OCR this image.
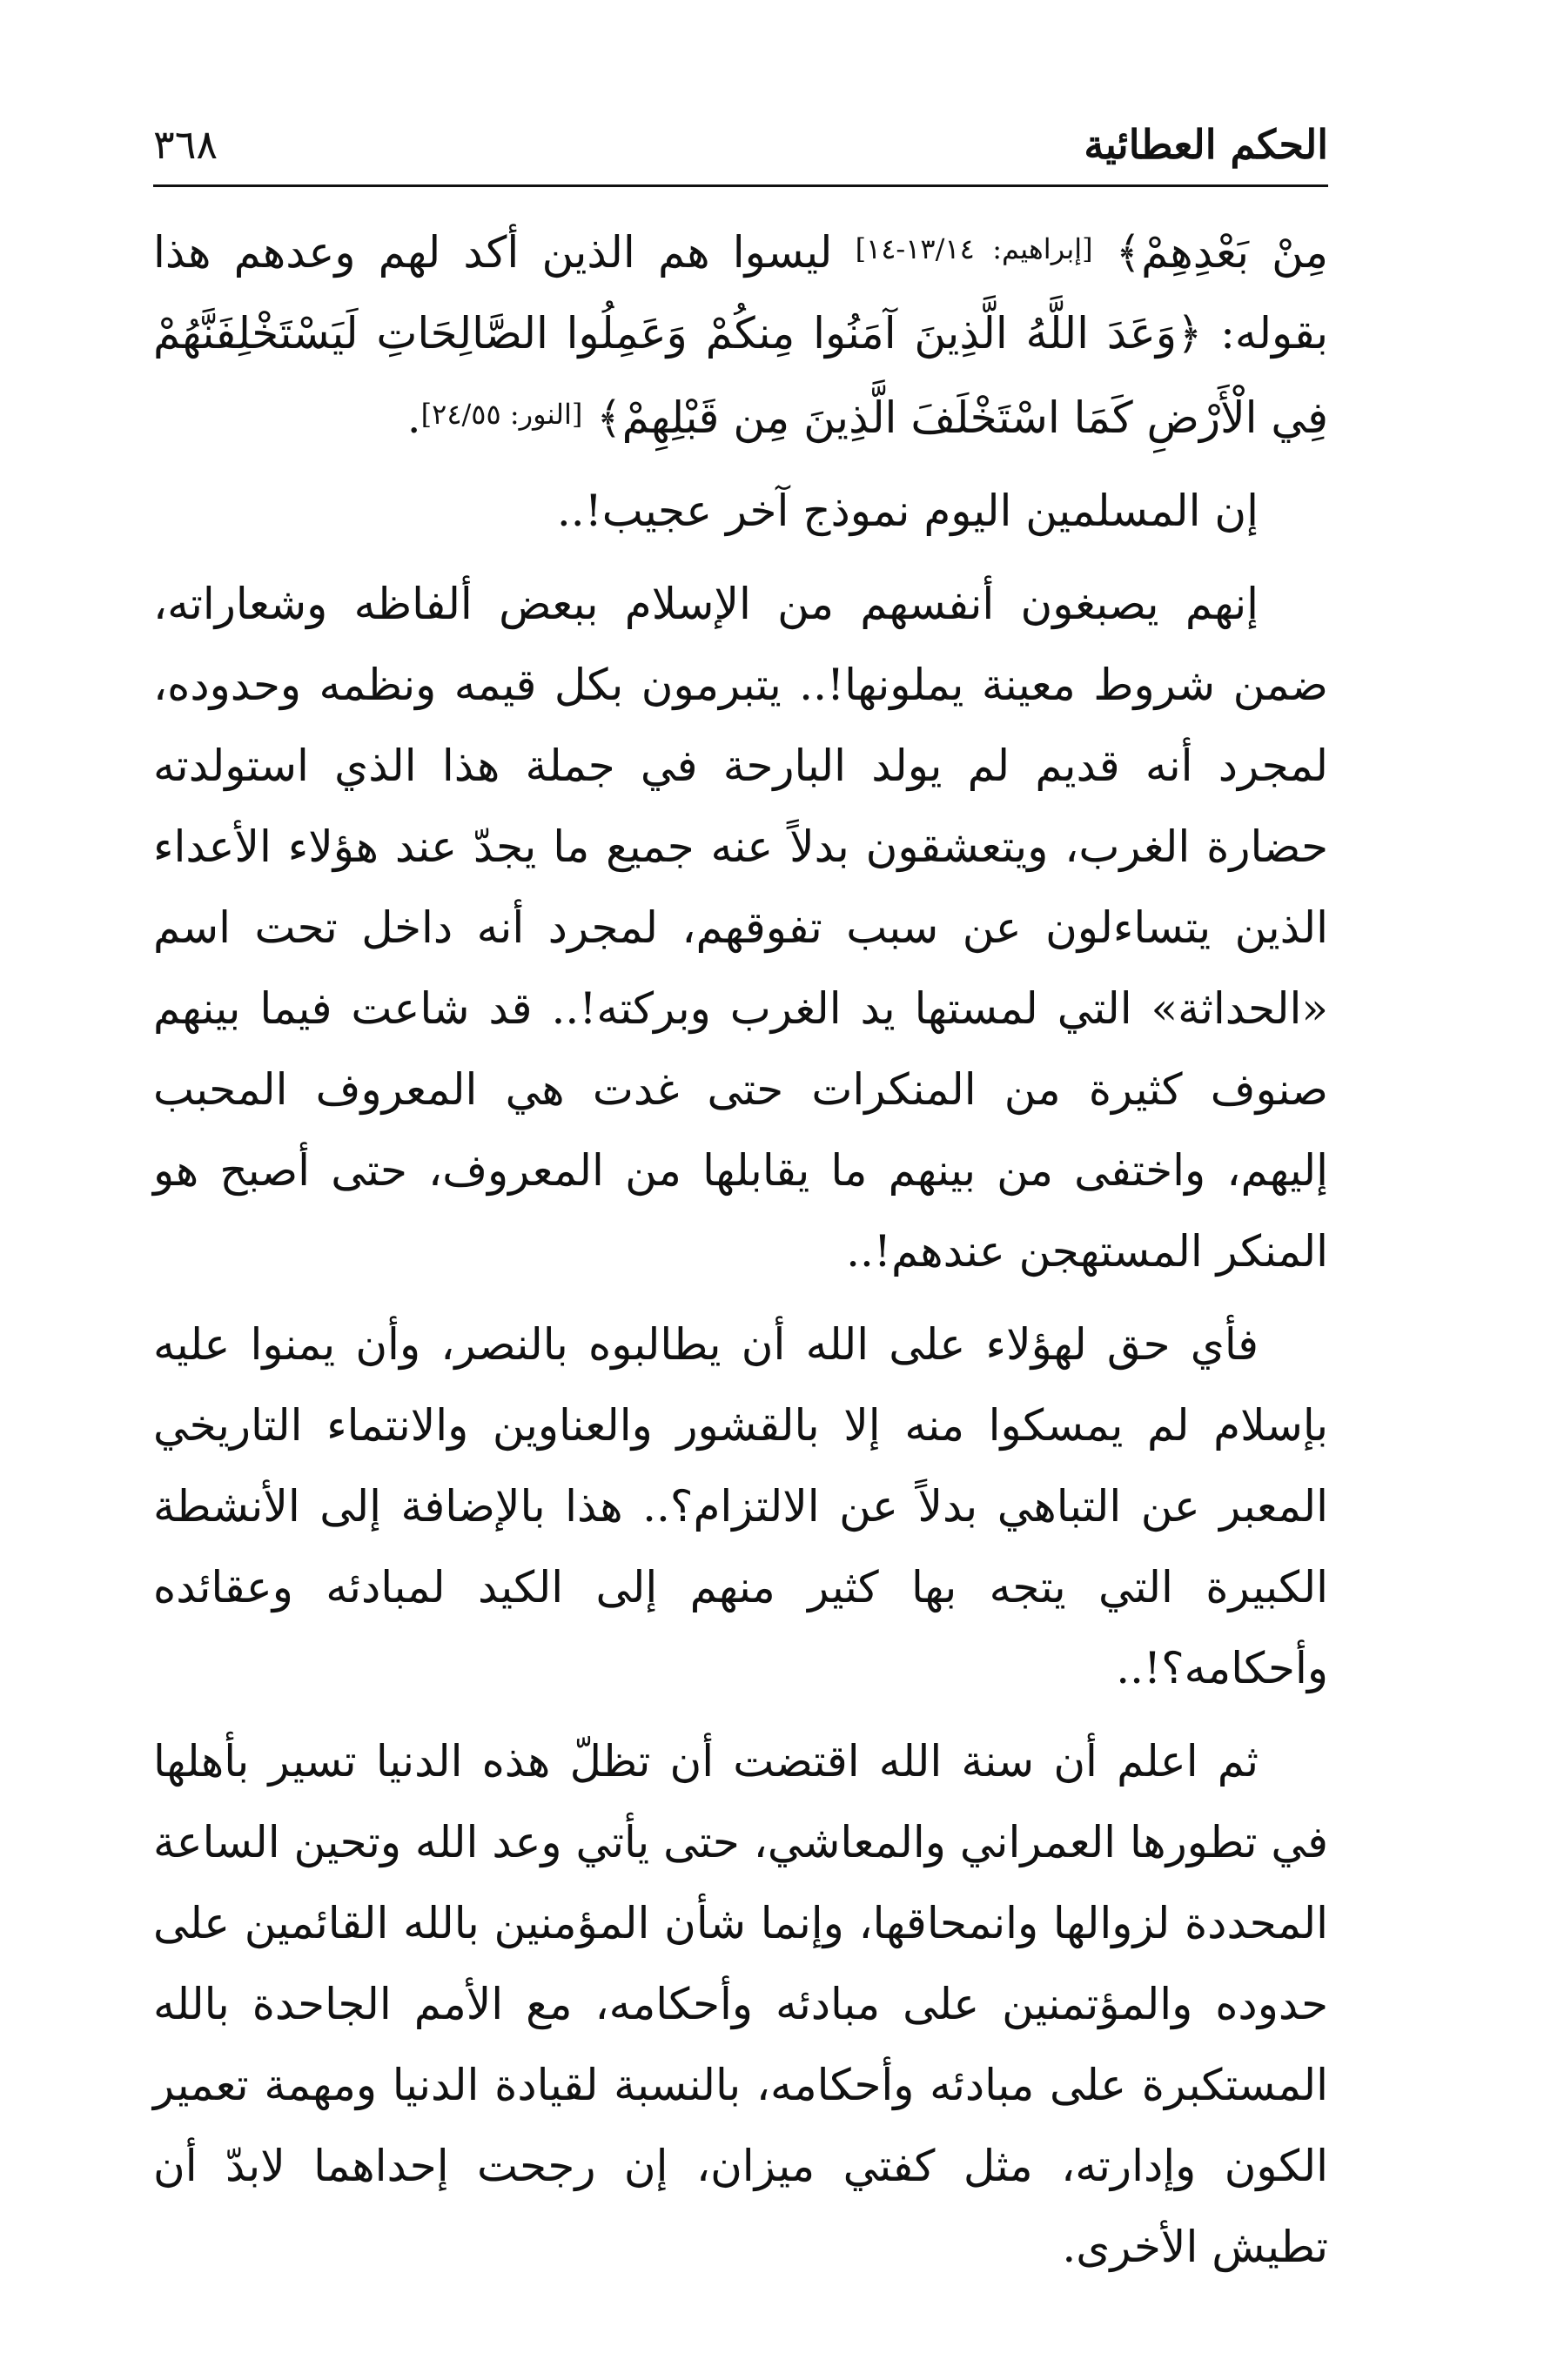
الحكم العطائية
٣٦٨

مِنْ بَعْدِهِمْ﴾ [إبراهيم: ١٣/١٤-١٤] ليسوا هم الذين أكد لهم وعدهم هذا بقوله: ﴿وَعَدَ اللَّهُ الَّذِينَ آمَنُوا مِنكُمْ وَعَمِلُوا الصَّالِحَاتِ لَيَسْتَخْلِفَنَّهُمْ فِي الْأَرْضِ كَمَا اسْتَخْلَفَ الَّذِينَ مِن قَبْلِهِمْ﴾ [النور: ٢٤/٥٥].

إن المسلمين اليوم نموذج آخر عجيب!..

إنهم يصبغون أنفسهم من الإسلام ببعض ألفاظه وشعاراته، ضمن شروط معينة يملونها!.. يتبرمون بكل قيمه ونظمه وحدوده، لمجرد أنه قديم لم يولد البارحة في جملة هذا الذي استولدته حضارة الغرب، ويتعشقون بدلاً عنه جميع ما يجدّ عند هؤلاء الأعداء الذين يتساءلون عن سبب تفوقهم، لمجرد أنه داخل تحت اسم «الحداثة» التي لمستها يد الغرب وبركته!.. قد شاعت فيما بينهم صنوف كثيرة من المنكرات حتى غدت هي المعروف المحبب إليهم، واختفى من بينهم ما يقابلها من المعروف، حتى أصبح هو المنكر المستهجن عندهم!..

فأي حق لهؤلاء على الله أن يطالبوه بالنصر، وأن يمنوا عليه بإسلام لم يمسكوا منه إلا بالقشور والعناوين والانتماء التاريخي المعبر عن التباهي بدلاً عن الالتزام؟.. هذا بالإضافة إلى الأنشطة الكبيرة التي يتجه بها كثير منهم إلى الكيد لمبادئه وعقائده وأحكامه؟!..

ثم اعلم أن سنة الله اقتضت أن تظلّ هذه الدنيا تسير بأهلها في تطورها العمراني والمعاشي، حتى يأتي وعد الله وتحين الساعة المحددة لزوالها وانمحاقها، وإنما شأن المؤمنين بالله القائمين على حدوده والمؤتمنين على مبادئه وأحكامه، مع الأمم الجاحدة بالله المستكبرة على مبادئه وأحكامه، بالنسبة لقيادة الدنيا ومهمة تعمير الكون وإدارته، مثل كفتي ميزان، إن رجحت إحداهما لابدّ أن تطيش الأخرى.
